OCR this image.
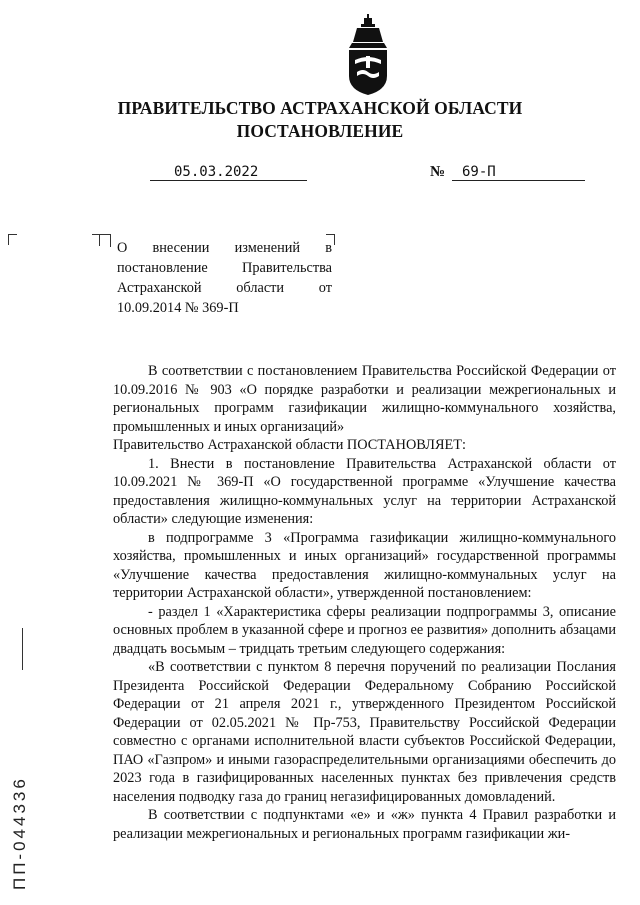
ПРАВИТЕЛЬСТВО АСТРАХАНСКОЙ ОБЛАСТИ
ПОСТАНОВЛЕНИЕ
05.03.2022	№ 69-П
О внесении изменений в постановление Правительства Астраханской области от 10.09.2014 № 369-П

В соответствии с постановлением Правительства Российской Федерации от 10.09.2016 № 903 «О порядке разработки и реализации межрегиональных и региональных программ газификации жилищно-коммунального хозяйства, промышленных и иных организаций»

Правительство Астраханской области ПОСТАНОВЛЯЕТ:

1. Внести в постановление Правительства Астраханской области от 10.09.2021 № 369-П «О государственной программе «Улучшение качества предоставления жилищно-коммунальных услуг на территории Астраханской области» следующие изменения:

в подпрограмме 3 «Программа газификации жилищно-коммунального хозяйства, промышленных и иных организаций» государственной программы «Улучшение качества предоставления жилищно-коммунальных услуг на территории Астраханской области», утвержденной постановлением:

- раздел 1 «Характеристика сферы реализации подпрограммы 3, описание основных проблем в указанной сфере и прогноз ее развития» дополнить абзацами двадцать восьмым – тридцать третьим следующего содержания:

«В соответствии с пунктом 8 перечня поручений по реализации Послания Президента Российской Федерации Федеральному Собранию Российской Федерации от 21 апреля 2021 г., утвержденного Президентом Российской Федерации от 02.05.2021 № Пр-753, Правительству Российской Федерации совместно с органами исполнительной власти субъектов Российской Федерации, ПАО «Газпром» и иными газораспределительными организациями обеспечить до 2023 года в газифицированных населенных пунктах без привлечения средств населения подводку газа до границ негазифицированных домовладений.

В соответствии с подпунктами «е» и «ж» пункта 4 Правил разработки и реализации межрегиональных и региональных программ газификации жи-

ПП-044336
